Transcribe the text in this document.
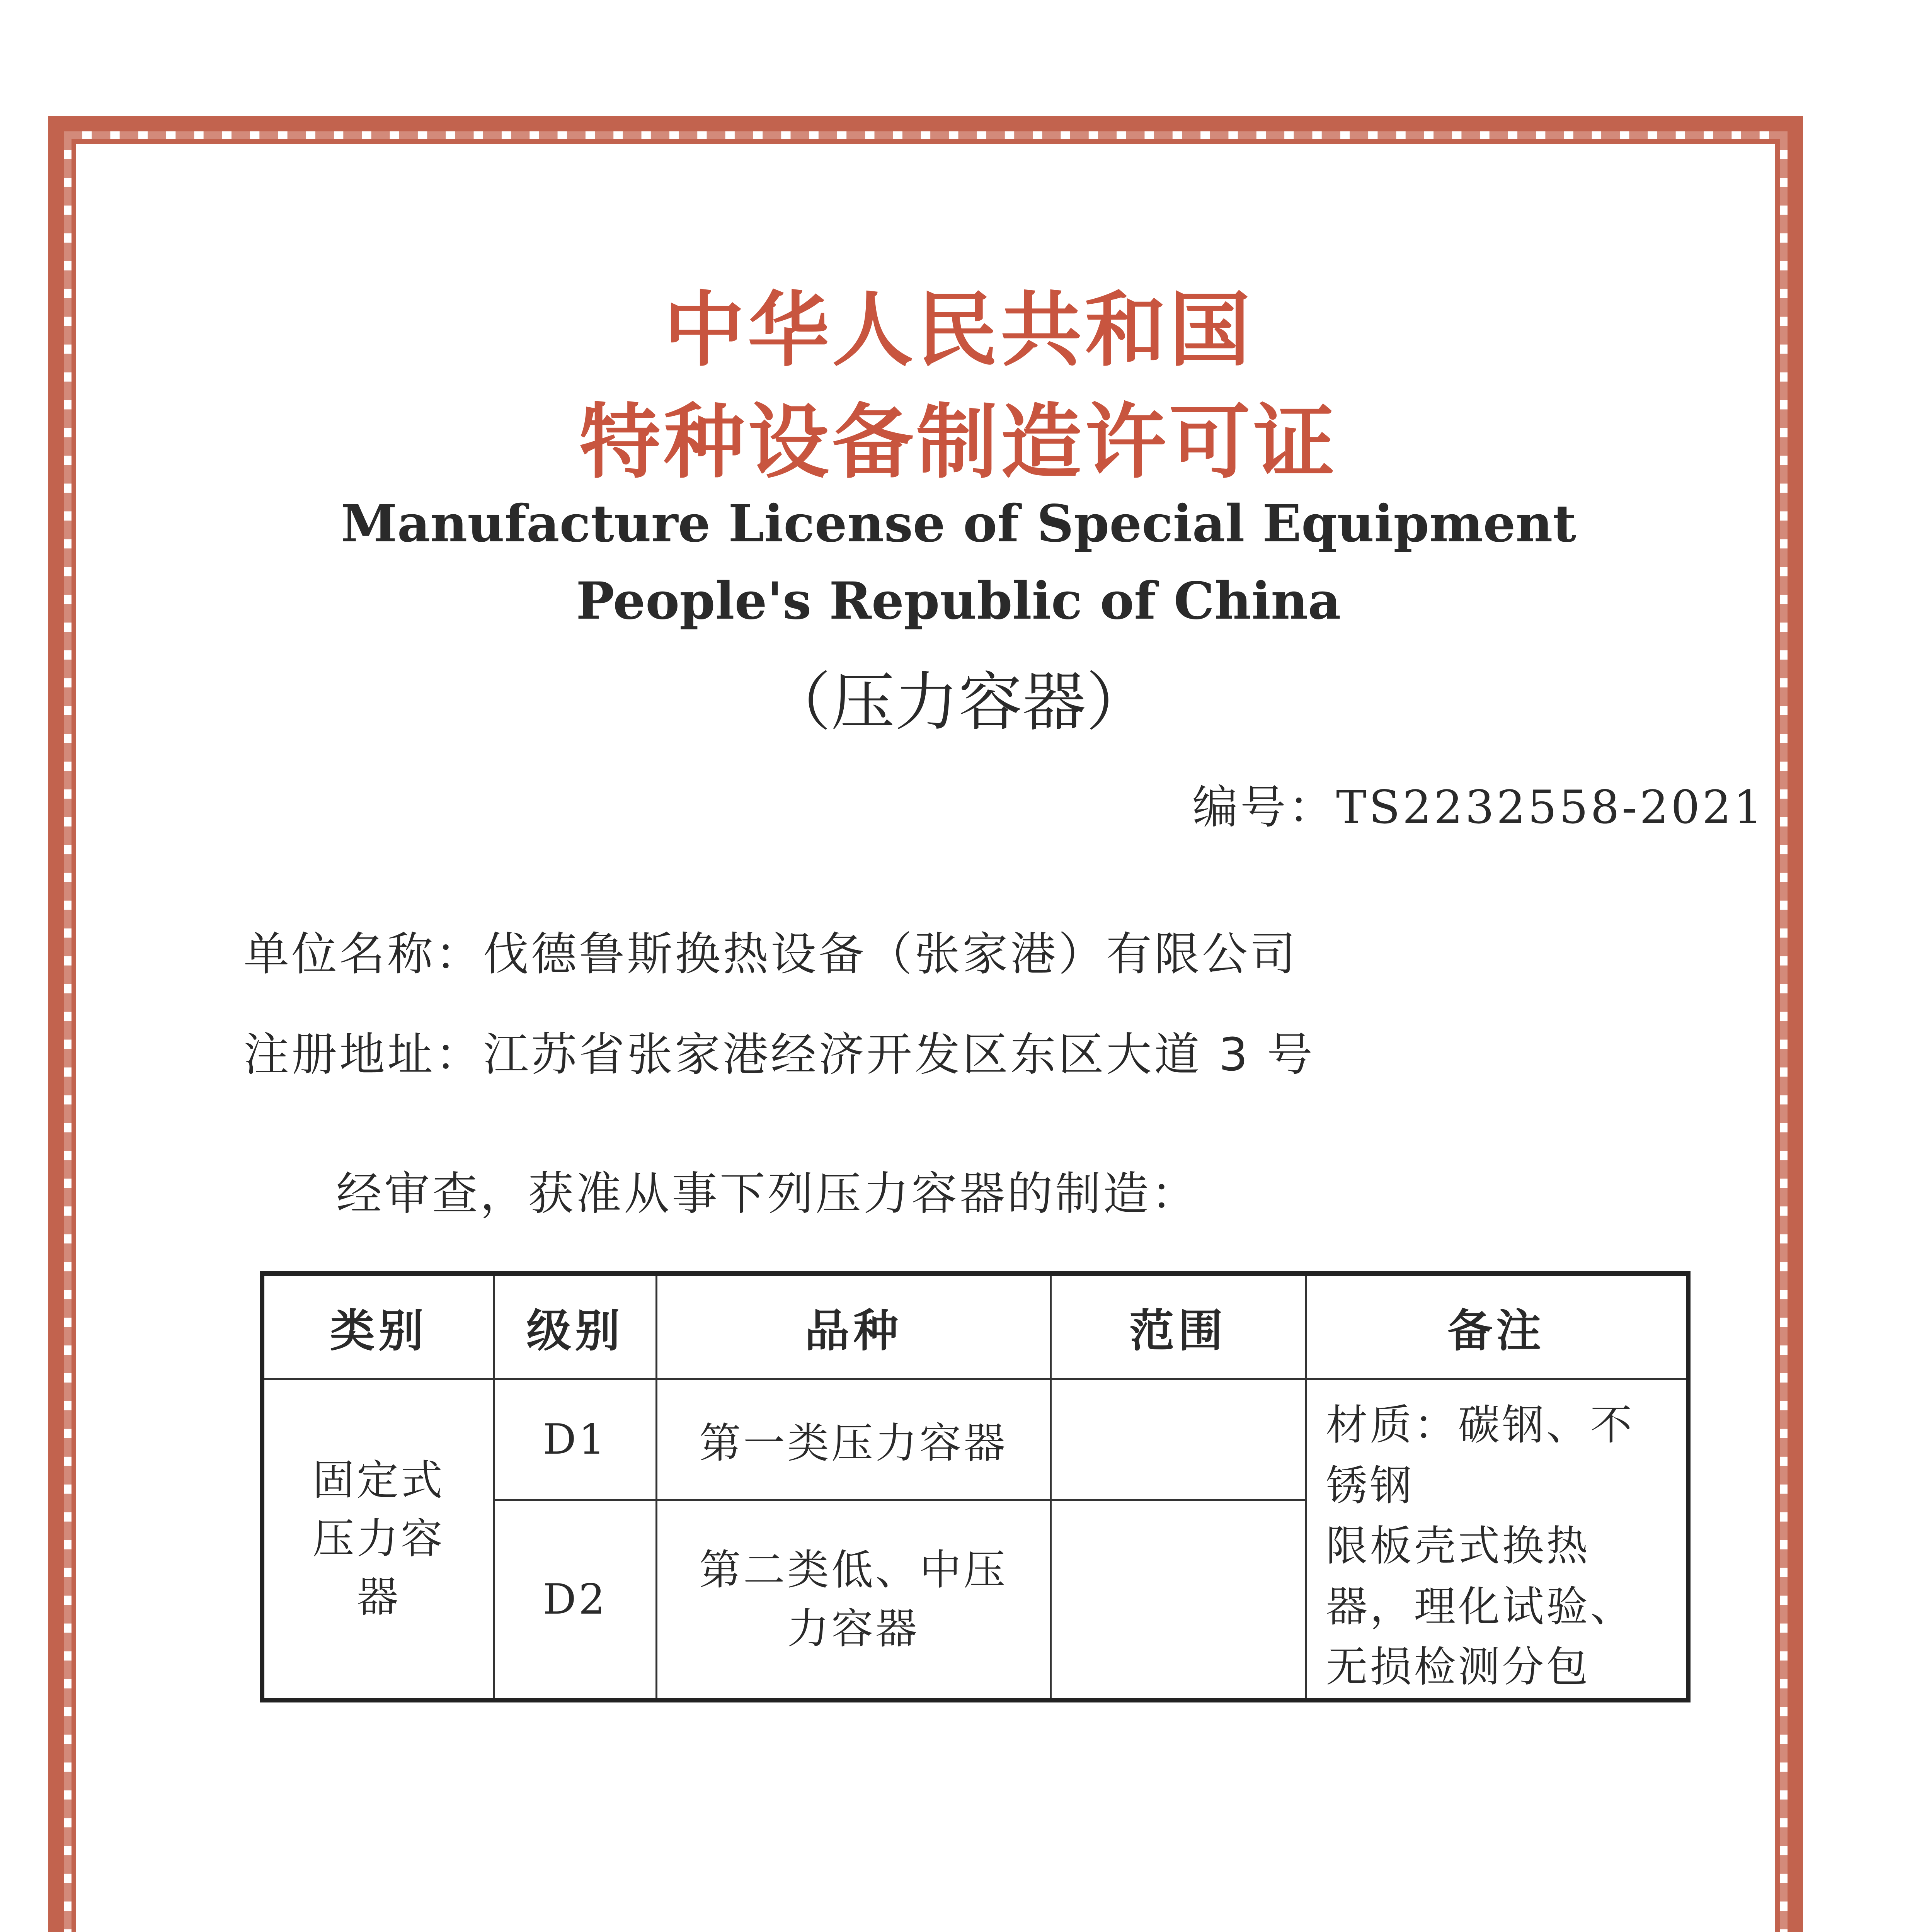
中华人民共和国
特种设备制造许可证
Manufacture License of Special Equipment
People's Republic of China
（压力容器）
编号：TS2232558-2021
单位名称：伐德鲁斯换热设备（张家港）有限公司
注册地址：江苏省张家港经济开发区东区大道 3 号
经审查，获准从事下列压力容器的制造：
类别	级别	品种	范围	备注
固定式压力容器	D1	第一类压力容器		材质：碳钢、不锈钢
限板壳式换热器，理化试验、无损检测分包
	D2	第二类低、中压力容器		
